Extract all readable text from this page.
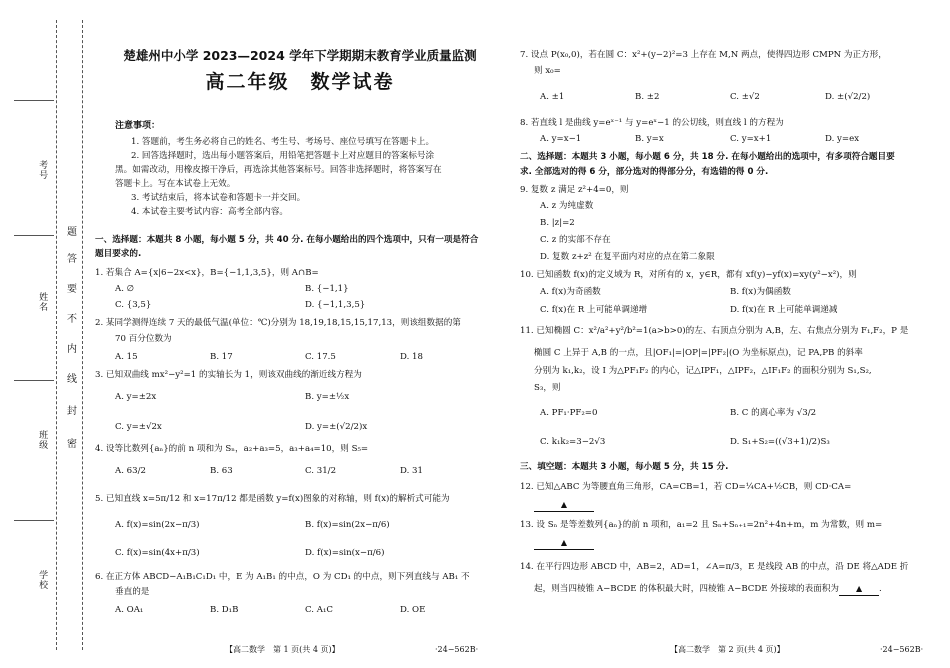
考号
姓名
班级
学校
题
答
要
不
内
线
封
密
楚雄州中小学 2023—2024 学年下学期期末教育学业质量监测
高二年级　数学试卷
注意事项：
1. 答题前，考生务必将自己的姓名、考生号、考场号、座位号填写在答题卡上。
2. 回答选择题时，选出每小题答案后，用铅笔把答题卡上对应题目的答案标号涂
黑。如需改动，用橡皮擦干净后，再选涂其他答案标号。回答非选择题时，将答案写在
答题卡上。写在本试卷上无效。
3. 考试结束后，将本试卷和答题卡一并交回。
4. 本试卷主要考试内容：高考全部内容。
一、选择题：本题共 8 小题，每小题 5 分，共 40 分. 在每小题给出的四个选项中，只有一项是符合
题目要求的.
1. 若集合 A={x|6−2x<x}，B={−1,1,3,5}，则 A∩B=
A. ∅	B. {−1,1}
C. {3,5}	D. {−1,1,3,5}
2. 某同学测得连续 7 天的最低气温(单位：℃)分别为 18,19,18,15,15,17,13，则该组数据的第
70 百分位数为
A. 15	B. 17	C. 17.5	D. 18
3. 已知双曲线 mx²−y²=1 的实轴长为 1，则该双曲线的渐近线方程为
A. y=±2x	B. y=±½x
C. y=±√2x	D. y=±(√2/2)x
4. 设等比数列{aₙ}的前 n 项和为 Sₙ，a₂+a₃=5，a₃+a₄=10，则 S₅=
A. 63/2	B. 63	C. 31/2	D. 31
5. 已知直线 x=5π/12 和 x=17π/12 都是函数 y=f(x)图象的对称轴，则 f(x)的解析式可能为
A. f(x)=sin(2x−π/3)	B. f(x)=sin(2x−π/6)
C. f(x)=sin(4x+π/3)	D. f(x)=sin(x−π/6)
6. 在正方体 ABCD−A₁B₁C₁D₁ 中，E 为 A₁B₁ 的中点，O 为 CD₁ 的中点，则下列直线与 AB₁ 不
垂直的是
A. OA₁	B. D₁B	C. A₁C	D. OE
【高二数学　第 1 页(共 4 页)】	·24−562B·
7. 设点 P(x₀,0)，若在圆 C：x²+(y−2)²=3 上存在 M,N 两点，使得四边形 CMPN 为正方形，
则 x₀=
A. ±1	B. ±2	C. ±√2	D. ±(√2/2)
8. 若直线 l 是曲线 y=eˣ⁻¹ 与 y=eˣ−1 的公切线，则直线 l 的方程为
A. y=x−1	B. y=x	C. y=x+1	D. y=ex
二、选择题：本题共 3 小题，每小题 6 分，共 18 分. 在每小题给出的选项中，有多项符合题目要
求. 全部选对的得 6 分，部分选对的得部分分，有选错的得 0 分.
9. 复数 z 满足 z²+4=0，则
A. z 为纯虚数
B. |z|=2
C. z 的实部不存在
D. 复数 z+z² 在复平面内对应的点在第二象限
10. 已知函数 f(x)的定义域为 R，对所有的 x，y∈R，都有 xf(y)−yf(x)=xy(y²−x²)，则
A. f(x)为奇函数	B. f(x)为偶函数
C. f(x)在 R 上可能单调递增	D. f(x)在 R 上可能单调递减
11. 已知椭圆 C：x²/a²+y²/b²=1(a>b>0)的左、右顶点分别为 A,B，左、右焦点分别为 F₁,F₂，P 是
椭圆 C 上异于 A,B 的一点，且|OF₁|=|OP|=|PF₂|(O 为坐标原点)，记 PA,PB 的斜率
分别为 k₁,k₂，设 I 为△PF₁F₂ 的内心，记△IPF₁，△IPF₂，△IF₁F₂ 的面积分别为 S₁,S₂,
S₃，则
A. PF₁·PF₂=0	B. C 的离心率为 √3/2
C. k₁k₂=3−2√3	D. S₁+S₂=((√3+1)/2)S₃
三、填空题：本题共 3 小题，每小题 5 分，共 15 分.
12. 已知△ABC 为等腰直角三角形，CA=CB=1，若 CD=¼CA+½CB，则 CD·CA=
▲
13. 设 Sₙ 是等差数列{aₙ}的前 n 项和，a₁=2 且 Sₙ+Sₙ₊₁=2n²+4n+m，m 为常数，则 m=
▲
14. 在平行四边形 ABCD 中，AB=2，AD=1，∠A=π/3，E 是线段 AB 的中点，沿 DE 将△ADE 折
起，则当四棱锥 A−BCDE 的体积最大时，四棱锥 A−BCDE 外接球的表面积为 ▲ .
【高二数学　第 2 页(共 4 页)】	·24−562B·
